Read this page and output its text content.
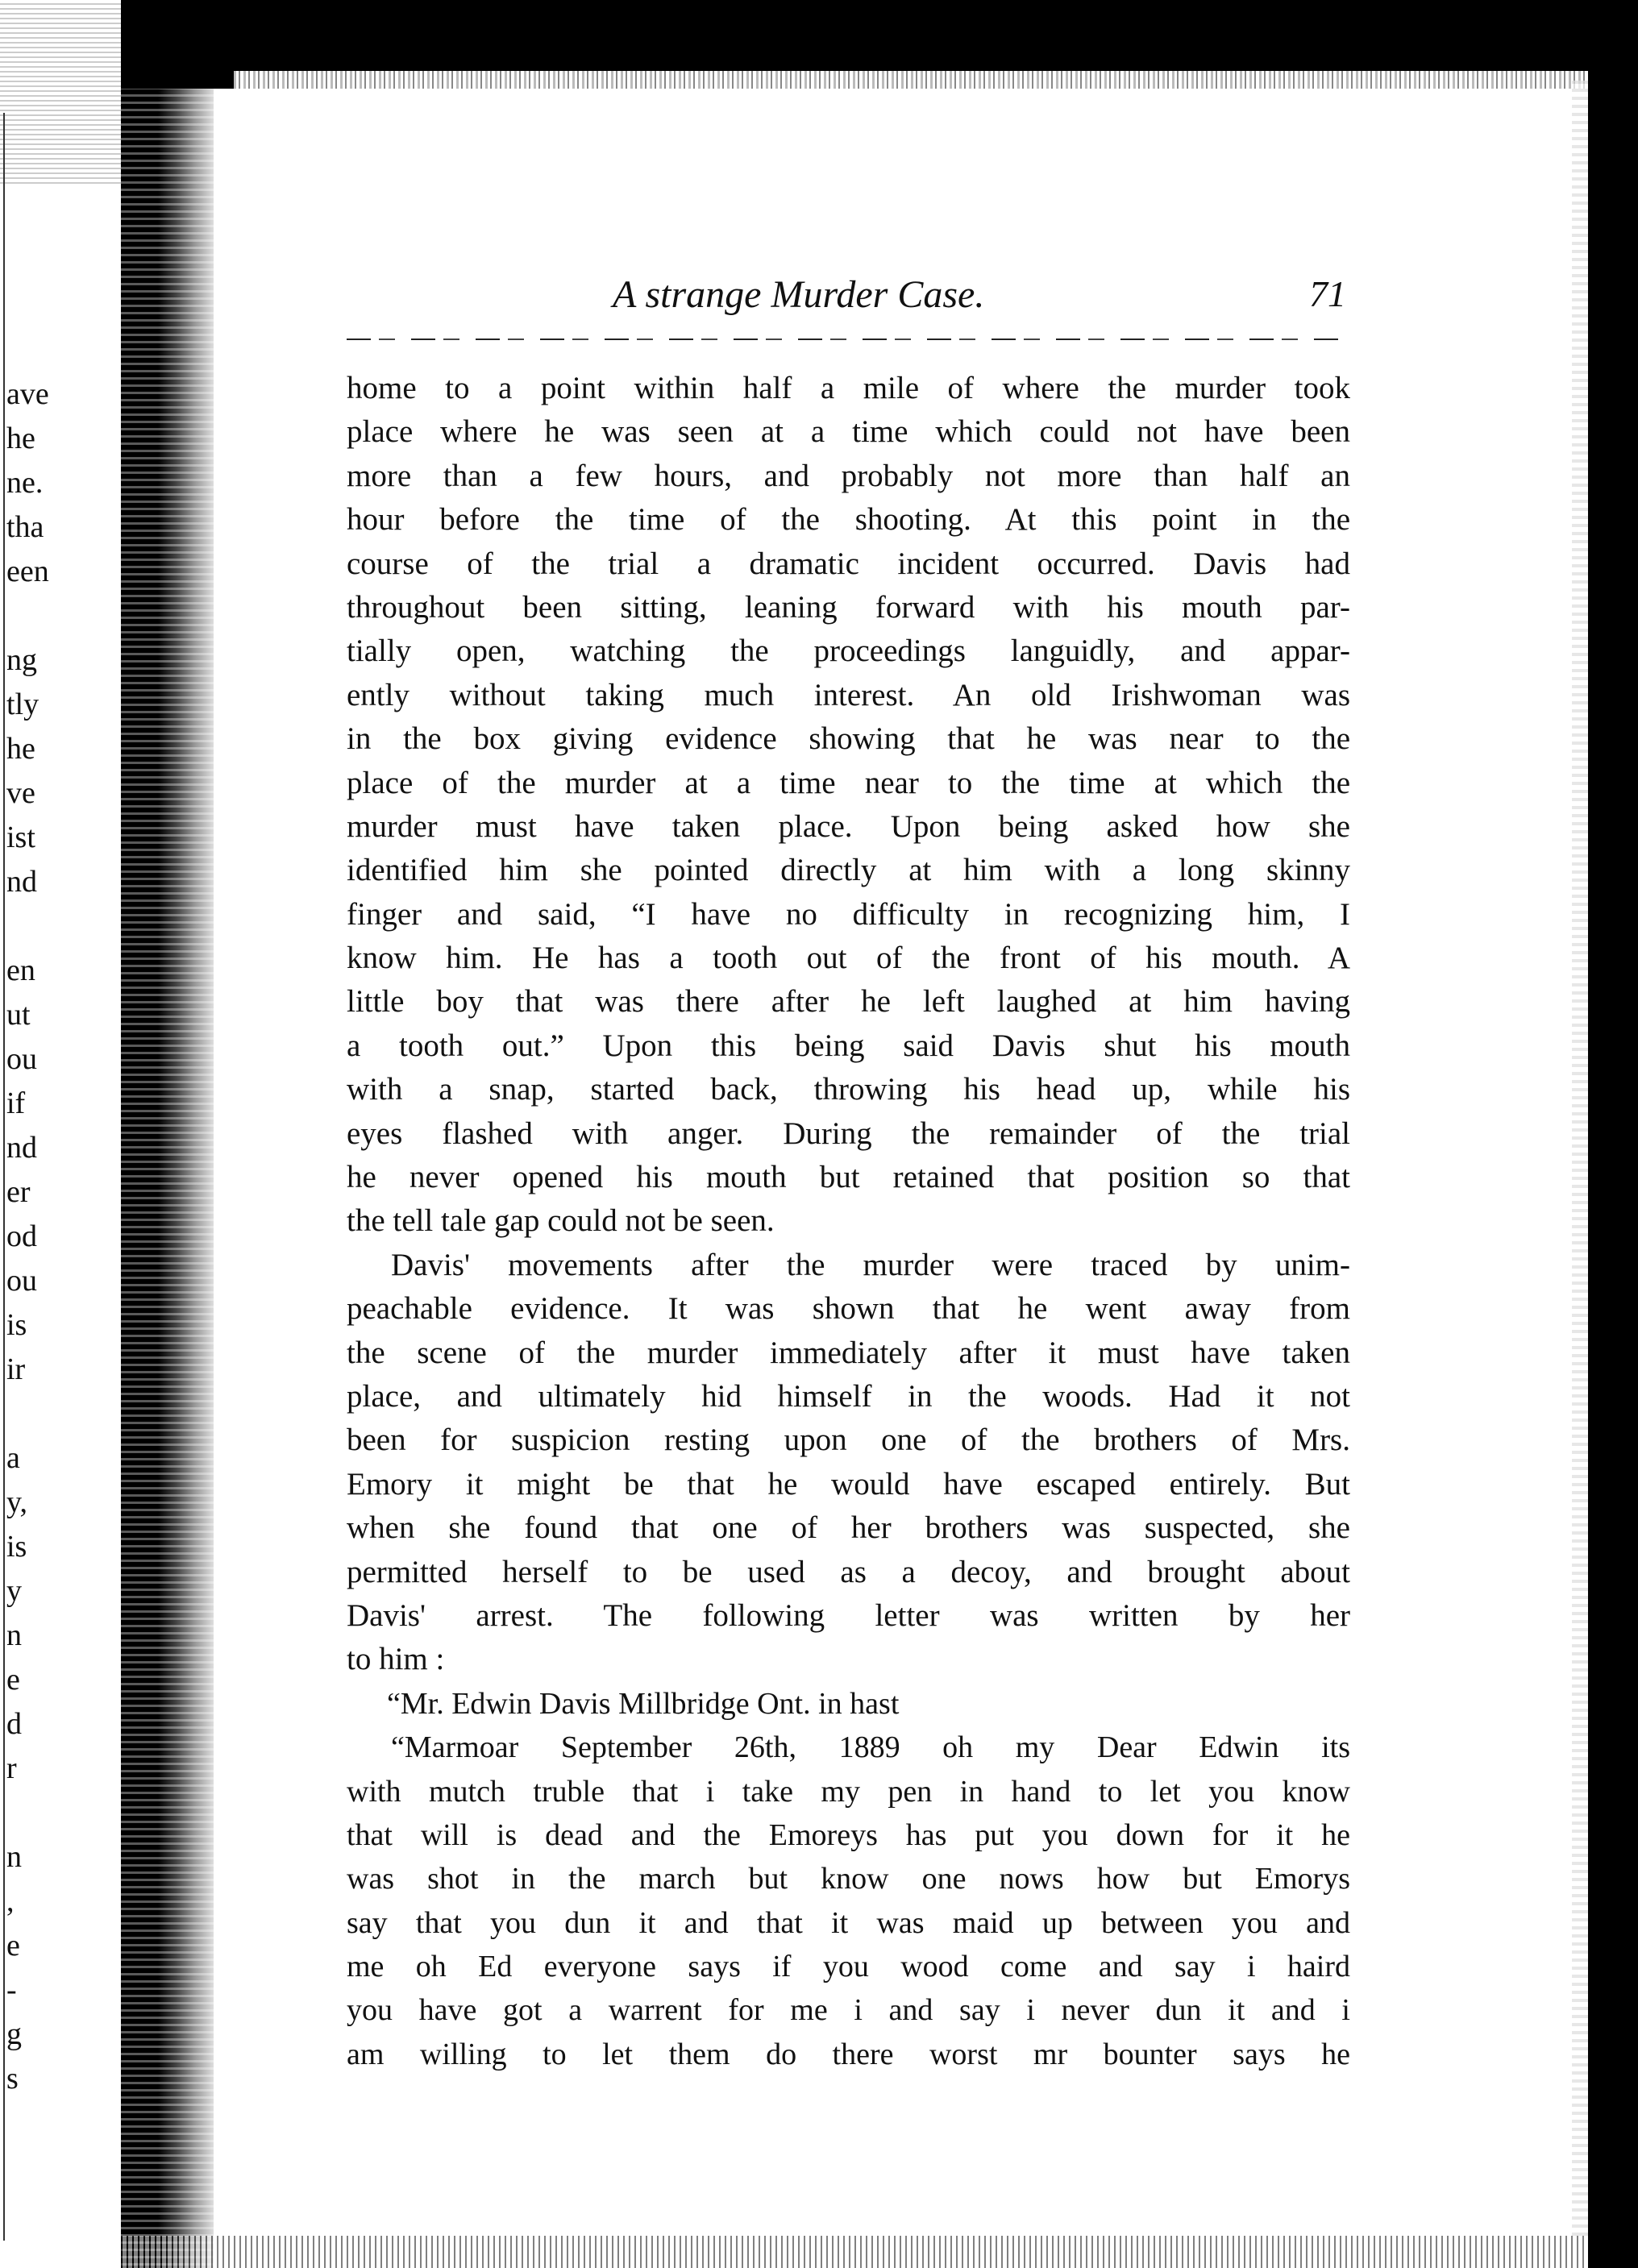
ave
he
ne.
tha
een
ng
tly
he
ve
ist
nd
en
ut
ou
if
nd
er
od
ou
is
ir
a
y,
is
y
n
e
d
r
n
,
e
-
g
s
A strange Murder Case.	71
home to a point within half a mile of where the murder took
place where he was seen at a time which could not have been
more than a few hours, and probably not more than half an
hour before the time of the shooting. At this point in the
course of the trial a dramatic incident occurred. Davis had
throughout been sitting, leaning forward with his mouth par-
tially open, watching the proceedings languidly, and appar-
ently without taking much interest. An old Irishwoman was
in the box giving evidence showing that he was near to the
place of the murder at a time near to the time at which the
murder must have taken place. Upon being asked how she
identified him she pointed directly at him with a long skinny
finger and said, “I have no difficulty in recognizing him, I
know him. He has a tooth out of the front of his mouth. A
little boy that was there after he left laughed at him having
a tooth out.” Upon this being said Davis shut his mouth
with a snap, started back, throwing his head up, while his
eyes flashed with anger. During the remainder of the trial
he never opened his mouth but retained that position so that
the tell tale gap could not be seen.
Davis' movements after the murder were traced by unim-
peachable evidence. It was shown that he went away from
the scene of the murder immediately after it must have taken
place, and ultimately hid himself in the woods. Had it not
been for suspicion resting upon one of the brothers of Mrs.
Emory it might be that he would have escaped entirely. But
when she found that one of her brothers was suspected, she
permitted herself to be used as a decoy, and brought about
Davis' arrest. The following letter was written by her
to him :
“Mr. Edwin Davis Millbridge Ont. in hast
“Marmoar September 26th, 1889 oh my Dear Edwin its
with mutch truble that i take my pen in hand to let you know
that will is dead and the Emoreys has put you down for it he
was shot in the march but know one nows how but Emorys
say that you dun it and that it was maid up between you and
me oh Ed everyone says if you wood come and say i haird
you have got a warrent for me i and say i never dun it and i
am willing to let them do there worst mr bounter says he
